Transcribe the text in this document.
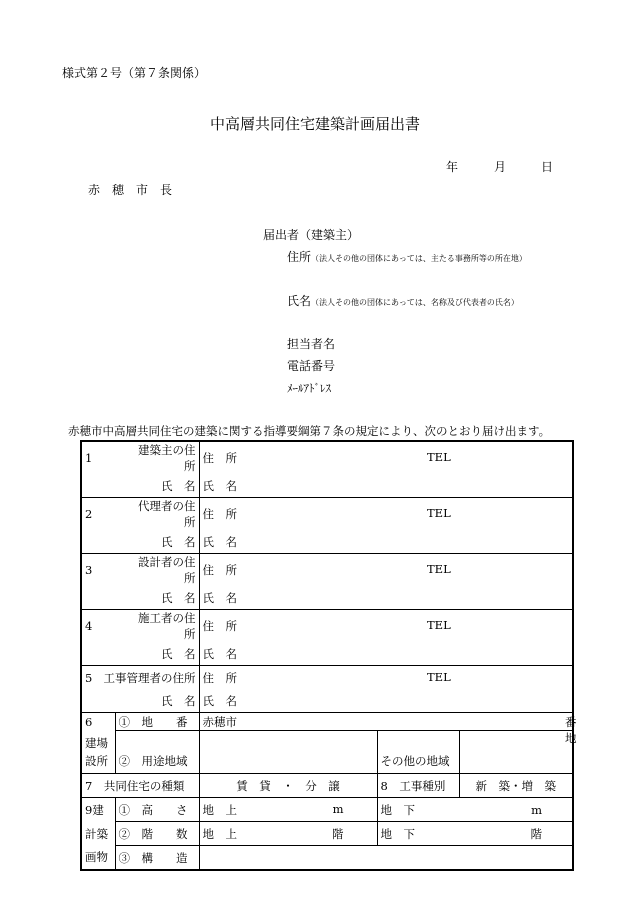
様式第２号（第７条関係）
中高層共同住宅建築計画届出書
年	月	日
赤　穂　市　長
届出者（建築主）
住所（法人その他の団体にあっては、主たる事務所等の所在地）
氏名（法人その他の団体にあっては、名称及び代表者の氏名）
担当者名
電話番号
ﾒｰﾙｱﾄﾞﾚｽ
赤穂市中高層共同住宅の建築に関する指導要綱第７条の規定により、次のとおり届け出ます。
1	建築主の住　所	住　所 TEL		

	氏　名	氏　名		
2	代理者の住　所	住　所 TEL		

	氏　名	氏　名		
3	設計者の住　所	住　所 TEL		

	氏　名	氏　名		
4	施工者の住　所	住　所 TEL		

	氏　名	氏　名		
5	工事管理者の住所	住　所 TEL		

	氏　名	氏　名		
6	①　地　　番	赤穂市 番地		

建場
設所	②　用途地域		その他の地域	
7　共同住宅の種類		賃　貸　・　分　譲	8　工事種別	新　築・増　築
9建	①　高　　さ	地　上 m	地　下	m
計築	②　階　　数	地　上 階	地　下	階
画物	③　構　　造			
